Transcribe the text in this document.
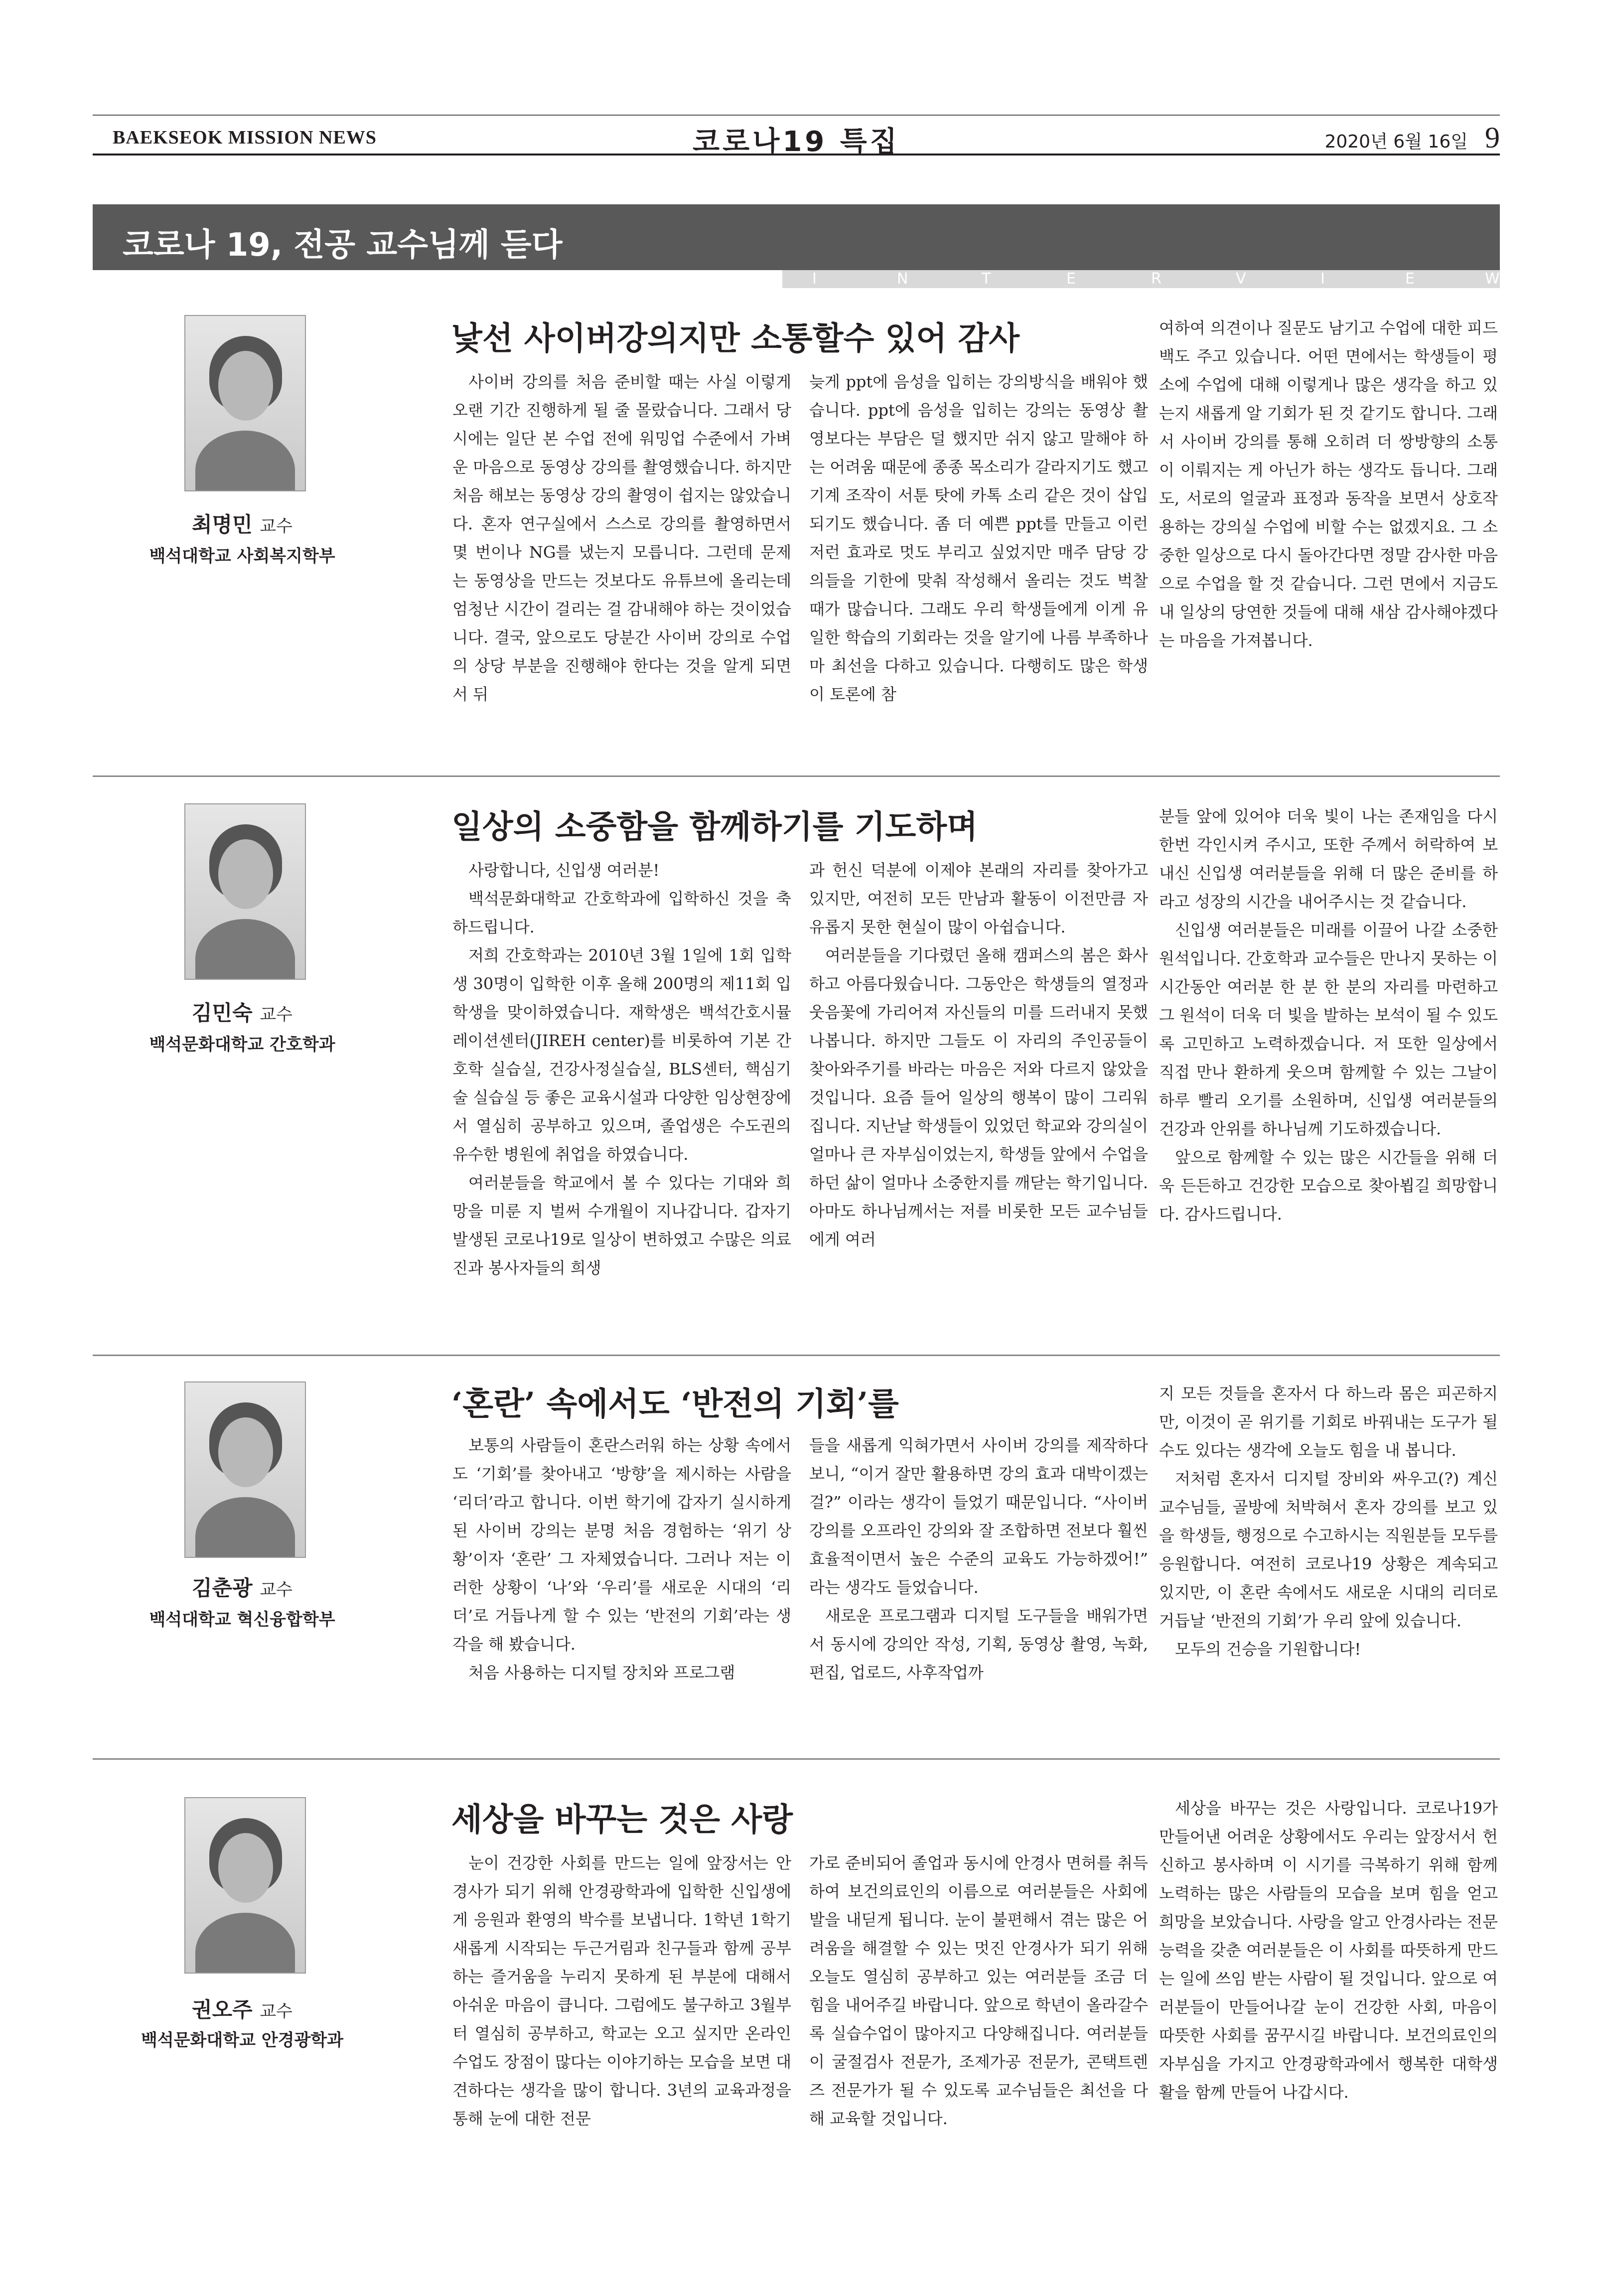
BAEKSEOK MISSION NEWS	코로나19 특집	2020년 6월 16일 9
코로나 19, 전공 교수님께 듣다
I	N	T	E	R	V	I	E	W
최명민 교수
백석대학교 사회복지학부
낯선 사이버강의지만 소통할수 있어 감사

사이버 강의를 처음 준비할 때는 사실 이렇게 오랜 기간 진행하게 될 줄 몰랐습니다. 그래서 당시에는 일단 본 수업 전에 워밍업 수준에서 가벼운 마음으로 동영상 강의를 촬영했습니다. 하지만 처음 해보는 동영상 강의 촬영이 쉽지는 않았습니다. 혼자 연구실에서 스스로 강의를 촬영하면서 몇 번이나 NG를 냈는지 모릅니다. 그런데 문제는 동영상을 만드는 것보다도 유튜브에 올리는데 엄청난 시간이 걸리는 걸 감내해야 하는 것이었습니다. 결국, 앞으로도 당분간 사이버 강의로 수업의 상당 부분을 진행해야 한다는 것을 알게 되면서 뒤

늦게 ppt에 음성을 입히는 강의방식을 배워야 했습니다. ppt에 음성을 입히는 강의는 동영상 촬영보다는 부담은 덜 했지만 쉬지 않고 말해야 하는 어려움 때문에 종종 목소리가 갈라지기도 했고 기계 조작이 서툰 탓에 카톡 소리 같은 것이 삽입되기도 했습니다. 좀 더 예쁜 ppt를 만들고 이런저런 효과로 멋도 부리고 싶었지만 매주 담당 강의들을 기한에 맞춰 작성해서 올리는 것도 벅찰 때가 많습니다. 그래도 우리 학생들에게 이게 유일한 학습의 기회라는 것을 알기에 나름 부족하나마 최선을 다하고 있습니다. 다행히도 많은 학생이 토론에 참

여하여 의견이나 질문도 남기고 수업에 대한 피드백도 주고 있습니다. 어떤 면에서는 학생들이 평소에 수업에 대해 이렇게나 많은 생각을 하고 있는지 새롭게 알 기회가 된 것 같기도 합니다. 그래서 사이버 강의를 통해 오히려 더 쌍방향의 소통이 이뤄지는 게 아닌가 하는 생각도 듭니다. 그래도, 서로의 얼굴과 표정과 동작을 보면서 상호작용하는 강의실 수업에 비할 수는 없겠지요. 그 소중한 일상으로 다시 돌아간다면 정말 감사한 마음으로 수업을 할 것 같습니다. 그런 면에서 지금도 내 일상의 당연한 것들에 대해 새삼 감사해야겠다는 마음을 가져봅니다.

김민숙 교수
백석문화대학교 간호학과
일상의 소중함을 함께하기를 기도하며

사랑합니다, 신입생 여러분!

백석문화대학교 간호학과에 입학하신 것을 축하드립니다.

저희 간호학과는 2010년 3월 1일에 1회 입학생 30명이 입학한 이후 올해 200명의 제11회 입학생을 맞이하였습니다. 재학생은 백석간호시뮬레이션센터(JIREH center)를 비롯하여 기본 간호학 실습실, 건강사정실습실, BLS센터, 핵심기술 실습실 등 좋은 교육시설과 다양한 임상현장에서 열심히 공부하고 있으며, 졸업생은 수도권의 유수한 병원에 취업을 하였습니다.

여러분들을 학교에서 볼 수 있다는 기대와 희망을 미룬 지 벌써 수개월이 지나갑니다. 갑자기 발생된 코로나19로 일상이 변하였고 수많은 의료진과 봉사자들의 희생

과 헌신 덕분에 이제야 본래의 자리를 찾아가고 있지만, 여전히 모든 만남과 활동이 이전만큼 자유롭지 못한 현실이 많이 아쉽습니다.

여러분들을 기다렸던 올해 캠퍼스의 봄은 화사하고 아름다웠습니다. 그동안은 학생들의 열정과 웃음꽃에 가리어져 자신들의 미를 드러내지 못했나봅니다. 하지만 그들도 이 자리의 주인공들이 찾아와주기를 바라는 마음은 저와 다르지 않았을 것입니다. 요즘 들어 일상의 행복이 많이 그리워집니다. 지난날 학생들이 있었던 학교와 강의실이 얼마나 큰 자부심이었는지, 학생들 앞에서 수업을 하던 삶이 얼마나 소중한지를 깨닫는 학기입니다. 아마도 하나님께서는 저를 비롯한 모든 교수님들에게 여러

분들 앞에 있어야 더욱 빛이 나는 존재임을 다시 한번 각인시켜 주시고, 또한 주께서 허락하여 보내신 신입생 여러분들을 위해 더 많은 준비를 하라고 성장의 시간을 내어주시는 것 같습니다.

신입생 여러분들은 미래를 이끌어 나갈 소중한 원석입니다. 간호학과 교수들은 만나지 못하는 이 시간동안 여러분 한 분 한 분의 자리를 마련하고 그 원석이 더욱 더 빛을 발하는 보석이 될 수 있도록 고민하고 노력하겠습니다. 저 또한 일상에서 직접 만나 환하게 웃으며 함께할 수 있는 그날이 하루 빨리 오기를 소원하며, 신입생 여러분들의 건강과 안위를 하나님께 기도하겠습니다.

앞으로 함께할 수 있는 많은 시간들을 위해 더욱 든든하고 건강한 모습으로 찾아뵙길 희망합니다. 감사드립니다.

김춘광 교수
백석대학교 혁신융합학부
‘혼란’ 속에서도 ‘반전의 기회’를

보통의 사람들이 혼란스러워 하는 상황 속에서도 ‘기회’를 찾아내고 ‘방향’을 제시하는 사람을 ‘리더’라고 합니다. 이번 학기에 갑자기 실시하게 된 사이버 강의는 분명 처음 경험하는 ‘위기 상황’이자 ‘혼란’ 그 자체였습니다. 그러나 저는 이러한 상황이 ‘나’와 ‘우리’를 새로운 시대의 ‘리더’로 거듭나게 할 수 있는 ‘반전의 기회’라는 생각을 해 봤습니다.

처음 사용하는 디지털 장치와 프로그램

들을 새롭게 익혀가면서 사이버 강의를 제작하다보니, “이거 잘만 활용하면 강의 효과 대박이겠는걸?” 이라는 생각이 들었기 때문입니다. “사이버 강의를 오프라인 강의와 잘 조합하면 전보다 훨씬 효율적이면서 높은 수준의 교육도 가능하겠어!” 라는 생각도 들었습니다.

새로운 프로그램과 디지털 도구들을 배워가면서 동시에 강의안 작성, 기획, 동영상 촬영, 녹화, 편집, 업로드, 사후작업까

지 모든 것들을 혼자서 다 하느라 몸은 피곤하지만, 이것이 곧 위기를 기회로 바꿔내는 도구가 될 수도 있다는 생각에 오늘도 힘을 내 봅니다.

저처럼 혼자서 디지털 장비와 싸우고(?) 계신 교수님들, 골방에 처박혀서 혼자 강의를 보고 있을 학생들, 행정으로 수고하시는 직원분들 모두를 응원합니다. 여전히 코로나19 상황은 계속되고 있지만, 이 혼란 속에서도 새로운 시대의 리더로 거듭날 ‘반전의 기회’가 우리 앞에 있습니다.

모두의 건승을 기원합니다!

권오주 교수
백석문화대학교 안경광학과
세상을 바꾸는 것은 사랑

눈이 건강한 사회를 만드는 일에 앞장서는 안경사가 되기 위해 안경광학과에 입학한 신입생에게 응원과 환영의 박수를 보냅니다. 1학년 1학기 새롭게 시작되는 두근거림과 친구들과 함께 공부하는 즐거움을 누리지 못하게 된 부분에 대해서 아쉬운 마음이 큽니다. 그럼에도 불구하고 3월부터 열심히 공부하고, 학교는 오고 싶지만 온라인수업도 장점이 많다는 이야기하는 모습을 보면 대견하다는 생각을 많이 합니다. 3년의 교육과정을 통해 눈에 대한 전문

가로 준비되어 졸업과 동시에 안경사 면허를 취득하여 보건의료인의 이름으로 여러분들은 사회에 발을 내딛게 됩니다. 눈이 불편해서 겪는 많은 어려움을 해결할 수 있는 멋진 안경사가 되기 위해 오늘도 열심히 공부하고 있는 여러분들 조금 더 힘을 내어주길 바랍니다. 앞으로 학년이 올라갈수록 실습수업이 많아지고 다양해집니다. 여러분들이 굴절검사 전문가, 조제가공 전문가, 콘택트렌즈 전문가가 될 수 있도록 교수님들은 최선을 다해 교육할 것입니다.

세상을 바꾸는 것은 사랑입니다. 코로나19가 만들어낸 어려운 상황에서도 우리는 앞장서서 헌신하고 봉사하며 이 시기를 극복하기 위해 함께 노력하는 많은 사람들의 모습을 보며 힘을 얻고 희망을 보았습니다. 사랑을 알고 안경사라는 전문능력을 갖춘 여러분들은 이 사회를 따뜻하게 만드는 일에 쓰임 받는 사람이 될 것입니다. 앞으로 여러분들이 만들어나갈 눈이 건강한 사회, 마음이 따뜻한 사회를 꿈꾸시길 바랍니다. 보건의료인의 자부심을 가지고 안경광학과에서 행복한 대학생활을 함께 만들어 나갑시다.
